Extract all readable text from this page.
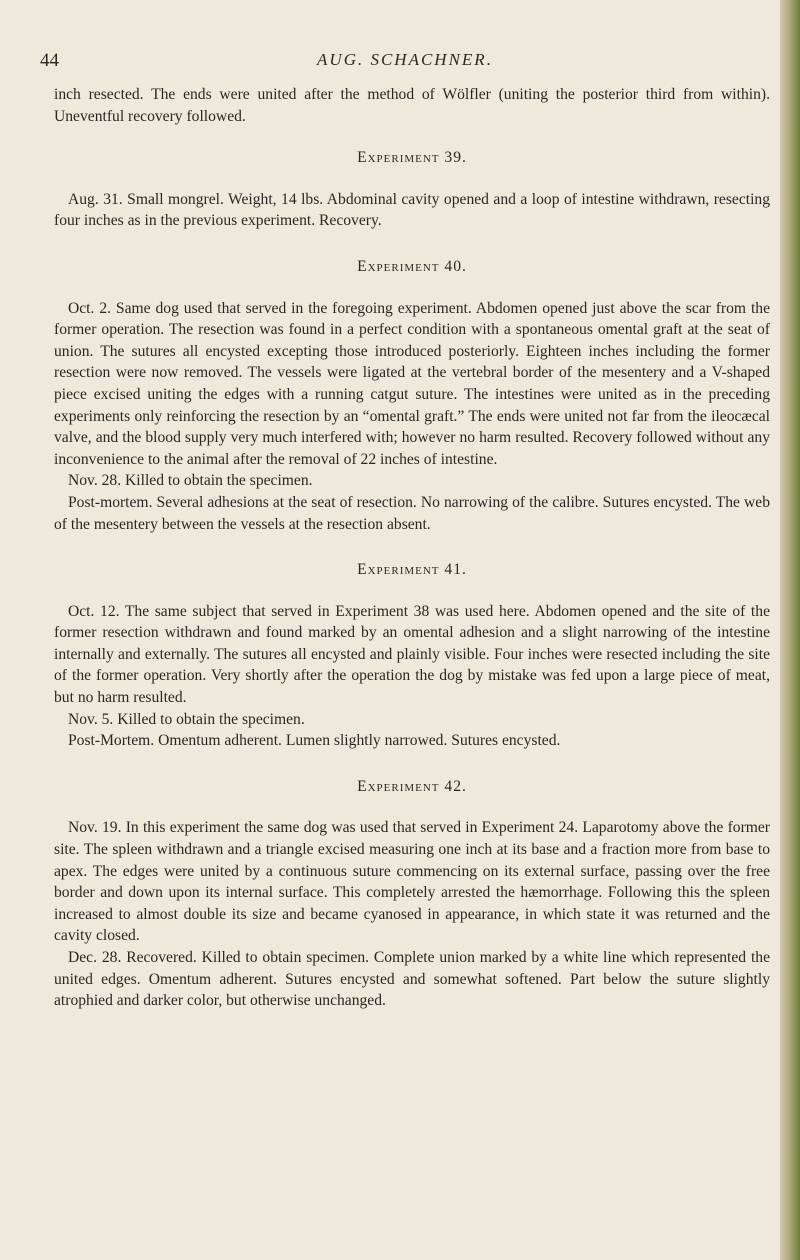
44	AUG. SCHACHNER.

inch resected. The ends were united after the method of Wölfler (uniting the posterior third from within). Uneventful recovery followed.

Experiment 39.

Aug. 31. Small mongrel. Weight, 14 lbs. Abdominal cavity opened and a loop of intestine withdrawn, resecting four inches as in the previous experiment. Recovery.

Experiment 40.

Oct. 2. Same dog used that served in the foregoing experiment. Abdomen opened just above the scar from the former operation. The resection was found in a perfect condition with a spontaneous omental graft at the seat of union. The sutures all encysted excepting those introduced posteriorly. Eighteen inches including the former resection were now removed. The vessels were ligated at the vertebral border of the mesentery and a V-shaped piece excised uniting the edges with a running catgut suture. The intestines were united as in the preceding experiments only reinforcing the resection by an “omental graft.” The ends were united not far from the ileocæcal valve, and the blood supply very much interfered with; however no harm resulted. Recovery followed without any inconvenience to the animal after the removal of 22 inches of intestine.

Nov. 28. Killed to obtain the specimen.

Post-mortem. Several adhesions at the seat of resection. No narrowing of the calibre. Sutures encysted. The web of the mesentery between the vessels at the resection absent.

Experiment 41.

Oct. 12. The same subject that served in Experiment 38 was used here. Abdomen opened and the site of the former resection withdrawn and found marked by an omental adhesion and a slight narrowing of the intestine internally and externally. The sutures all encysted and plainly visible. Four inches were resected including the site of the former operation. Very shortly after the operation the dog by mistake was fed upon a large piece of meat, but no harm resulted.

Nov. 5. Killed to obtain the specimen.

Post-Mortem. Omentum adherent. Lumen slightly narrowed. Sutures encysted.

Experiment 42.

Nov. 19. In this experiment the same dog was used that served in Experiment 24. Laparotomy above the former site. The spleen withdrawn and a triangle excised measuring one inch at its base and a fraction more from base to apex. The edges were united by a continuous suture commencing on its external surface, passing over the free border and down upon its internal surface. This completely arrested the hæmorrhage. Following this the spleen increased to almost double its size and became cyanosed in appearance, in which state it was returned and the cavity closed.

Dec. 28. Recovered. Killed to obtain specimen. Complete union marked by a white line which represented the united edges. Omentum adherent. Sutures encysted and somewhat softened. Part below the suture slightly atrophied and darker color, but otherwise unchanged.
